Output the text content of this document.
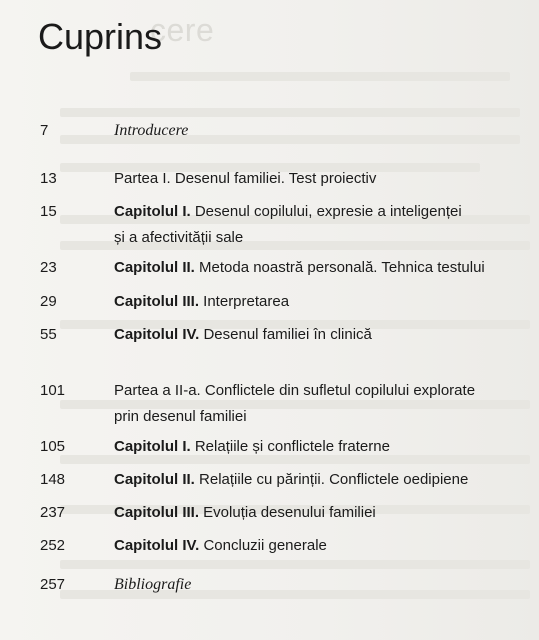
cere
Cuprins
7	Introducere
13	Partea I. Desenul familiei. Test proiectiv
15	Capitolul I. Desenul copilului, expresie a inteligenței
și a afectivității sale
23	Capitolul II. Metoda noastră personală. Tehnica testului
29	Capitolul III. Interpretarea
55	Capitolul IV. Desenul familiei în clinică
101	Partea a II-a. Conflictele din sufletul copilului explorate
prin desenul familiei
105	Capitolul I. Relațiile și conflictele fraterne
148	Capitolul II. Relațiile cu părinții. Conflictele oedipiene
237	Capitolul III. Evoluția desenului familiei
252	Capitolul IV. Concluzii generale
257	Bibliografie
